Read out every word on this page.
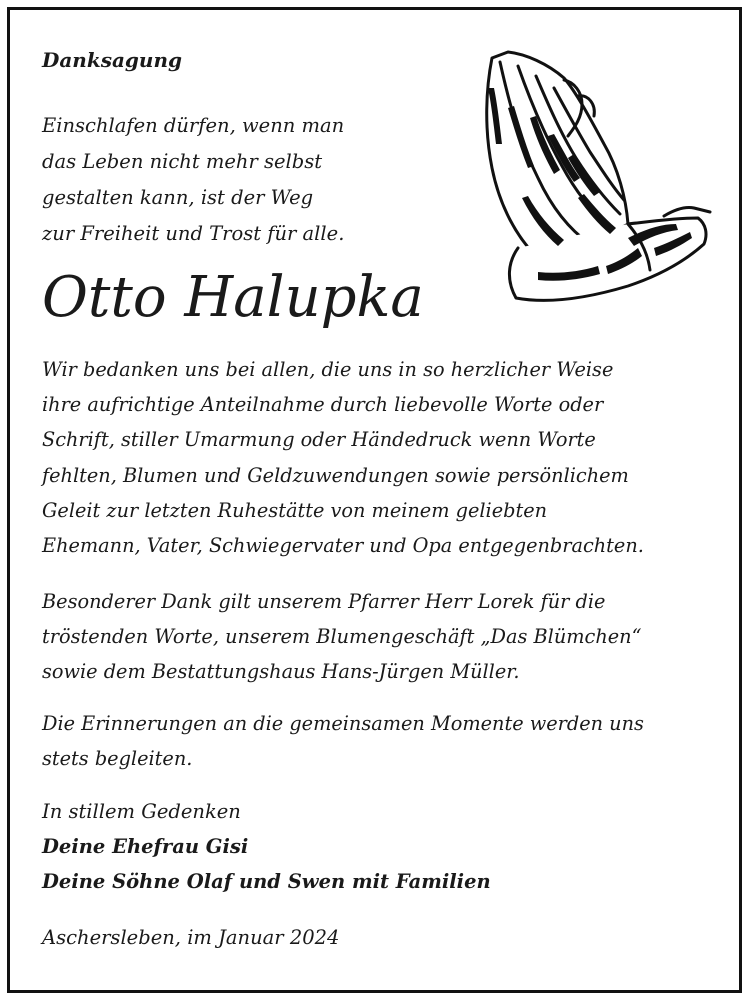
Danksagung
Einschlafen dürfen, wenn man
das Leben nicht mehr selbst
gestalten kann, ist der Weg
zur Freiheit und Trost für alle.
Otto Halupka
Wir bedanken uns bei allen, die uns in so herzlicher Weise
ihre aufrichtige Anteilnahme durch liebevolle Worte oder
Schrift, stiller Umarmung oder Händedruck wenn Worte
fehlten, Blumen und Geldzuwendungen sowie persönlichem
Geleit zur letzten Ruhestätte von meinem geliebten
Ehemann, Vater, Schwiegervater und Opa entgegenbrachten.
Besonderer Dank gilt unserem Pfarrer Herr Lorek für die
tröstenden Worte, unserem Blumengeschäft „Das Blümchen“
sowie dem Bestattungshaus Hans-Jürgen Müller.
Die Erinnerungen an die gemeinsamen Momente werden uns
stets begleiten.
In stillem Gedenken
Deine Ehefrau Gisi
Deine Söhne Olaf und Swen mit Familien
Aschersleben, im Januar 2024
